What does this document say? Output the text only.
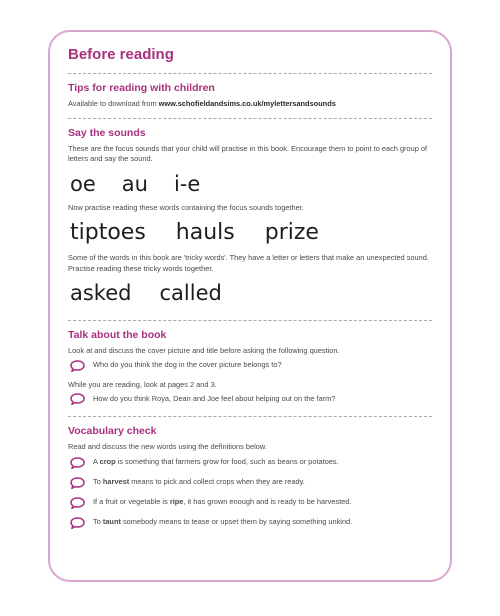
Before reading
Tips for reading with children
Available to download from www.schofieldandsims.co.uk/mylettersandsounds
Say the sounds
These are the focus sounds that your child will practise in this book. Encourage them to point to each group of letters and say the sound.
oe au i-e
Now practise reading these words containing the focus sounds together.
tiptoes hauls prize
Some of the words in this book are 'tricky words'. They have a letter or letters that make an unexpected sound. Practise reading these tricky words together.
asked called
Talk about the book
Look at and discuss the cover picture and title before asking the following question.
Who do you think the dog in the cover picture belongs to?
While you are reading, look at pages 2 and 3.
How do you think Roya, Dean and Joe feel about helping out on the farm?
Vocabulary check
Read and discuss the new words using the definitions below.
A crop is something that farmers grow for food, such as beans or potatoes.
To harvest means to pick and collect crops when they are ready.
If a fruit or vegetable is ripe, it has grown enough and is ready to be harvested.
To taunt somebody means to tease or upset them by saying something unkind.
